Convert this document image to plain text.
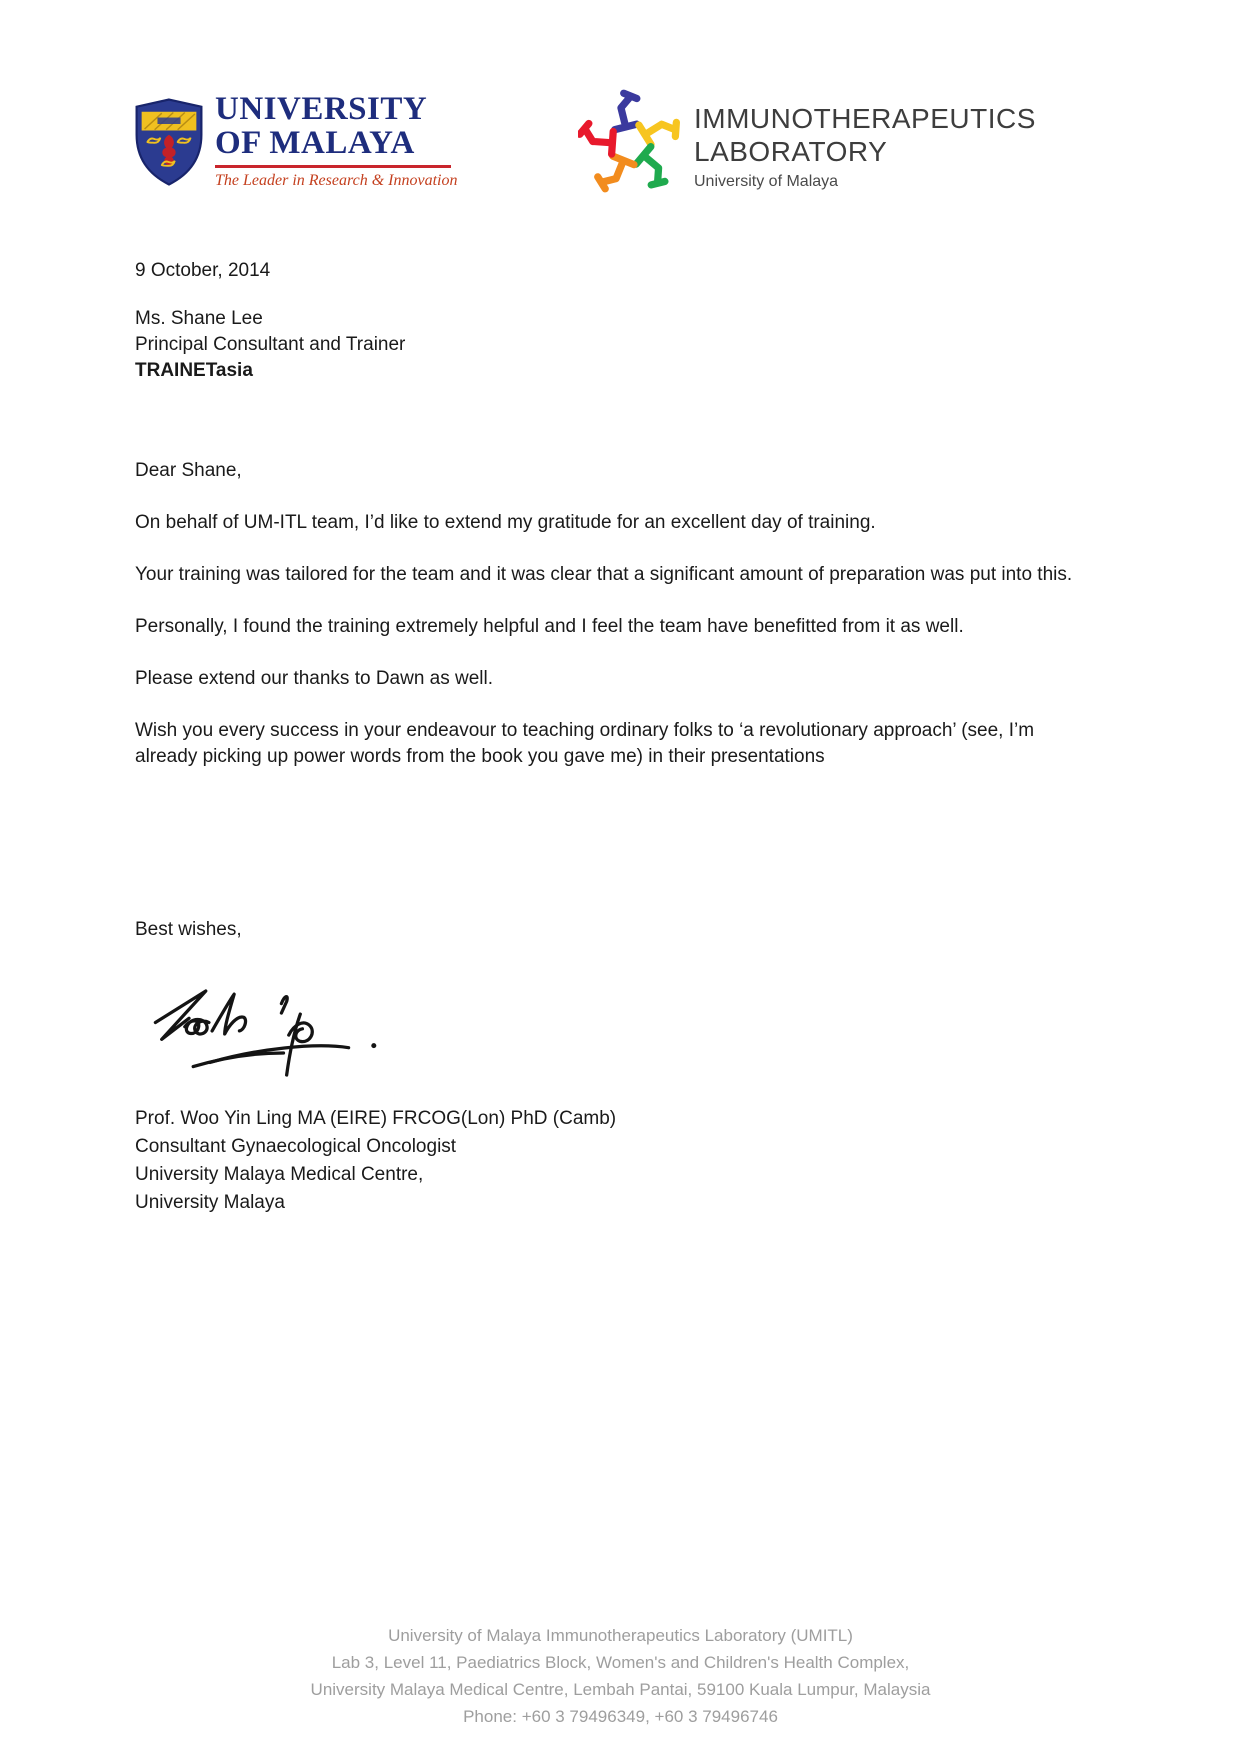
UNIVERSITY
OF MALAYA
The Leader in Research & Innovation
IMMUNOTHERAPEUTICS
LABORATORY
University of Malaya
9 October, 2014
Ms. Shane Lee
Principal Consultant and Trainer
TRAINETasia
Dear Shane,

On behalf of UM-ITL team, I’d like to extend my gratitude for an excellent day of training.

Your training was tailored for the team and it was clear that a significant amount of preparation was put into this.

Personally, I found the training extremely helpful and I feel the team have benefitted from it as well.

Please extend our thanks to Dawn as well.

Wish you every success in your endeavour to teaching ordinary folks to ‘a revolutionary approach’ (see, I’m already picking up power words from the book you gave me) in their presentations

Best wishes,
Prof. Woo Yin Ling MA (EIRE) FRCOG(Lon) PhD (Camb)
Consultant Gynaecological Oncologist
University Malaya Medical Centre,
University Malaya
University of Malaya Immunotherapeutics Laboratory (UMITL)
Lab 3, Level 11, Paediatrics Block, Women's and Children's Health Complex,
University Malaya Medical Centre, Lembah Pantai, 59100 Kuala Lumpur, Malaysia
Phone: +60 3 79496349, +60 3 79496746
